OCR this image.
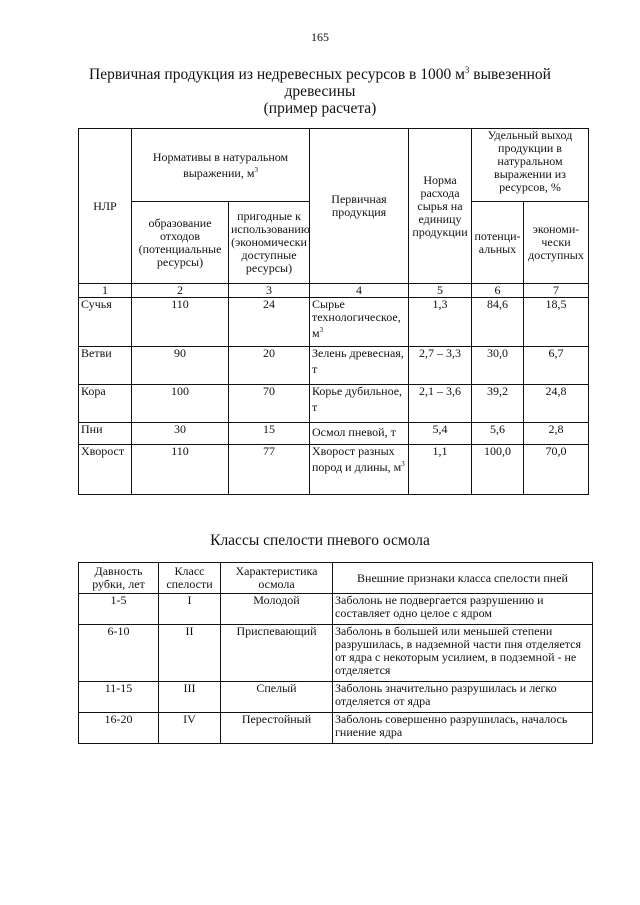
165
Первичная продукция из недревесных ресурсов в 1000 $м^3$ вывезенной
древесины
(пример расчета)
НЛР	Нормативы в натуральном выражении, $м^3$		Первичная продукция	Норма расхода сырья на единицу продукции	Удельный выход продукции в натуральном выражении из ресурсов, %	
	образование отходов (потенциальные ресурсы)	пригодные к использованию (экономически доступные ресурсы)			потенци-альных	экономи-чески доступных
1	2	3	4	5	6	7
Сучья	110	24	Сырье технологическое, $м^3$	1,3	84,6	18,5
Ветви	90	20	Зелень древесная, т	2,7 – 3,3	30,0	6,7
Кора	100	70	Корье дубильное, т	2,1 – 3,6	39,2	24,8
Пни	30	15	Осмол пневой, т	5,4	5,6	2,8
Хворост	110	77	Хворост разных пород и длины, $м^3$	1,1	100,0	70,0
Классы спелости пневого осмола
Давность рубки, лет	Класс спелости	Характеристика осмола	Внешние признаки класса спелости пней
1-5	I	Молодой	Заболонь не подвергается разрушению и составляет одно целое с ядром
6-10	II	Приспевающий	Заболонь в большей или меньшей степени разрушилась, в надземной части пня отделяется от ядра с некоторым усилием, в подземной - не отделяется
11-15	III	Спелый	Заболонь значительно разрушилась и легко отделяется от ядра
16-20	IV	Перестойный	Заболонь совершенно разрушилась, началось гниение ядра
